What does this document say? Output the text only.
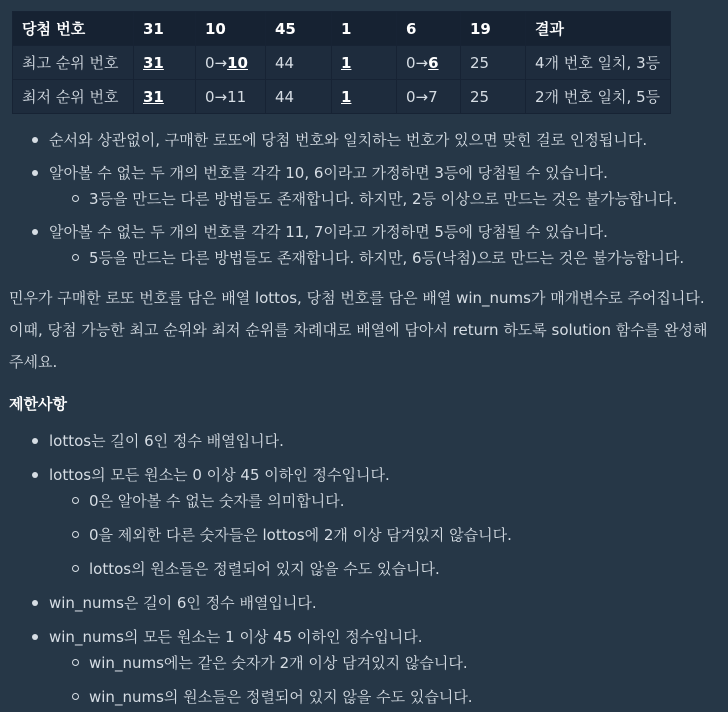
당첨 번호	31	10	45	1	6	19	결과
최고 순위 번호	31	0→10	44	1	0→6	25	4개 번호 일치, 3등
최저 순위 번호	31	0→11	44	1	0→7	25	2개 번호 일치, 5등
순서와 상관없이, 구매한 로또에 당첨 번호와 일치하는 번호가 있으면 맞힌 걸로 인정됩니다.
알아볼 수 없는 두 개의 번호를 각각 10, 6이라고 가정하면 3등에 당첨될 수 있습니다.
3등을 만드는 다른 방법들도 존재합니다. 하지만, 2등 이상으로 만드는 것은 불가능합니다.
알아볼 수 없는 두 개의 번호를 각각 11, 7이라고 가정하면 5등에 당첨될 수 있습니다.
5등을 만드는 다른 방법들도 존재합니다. 하지만, 6등(낙첨)으로 만드는 것은 불가능합니다.

민우가 구매한 로또 번호를 담은 배열 lottos, 당첨 번호를 담은 배열 win_nums가 매개변수로 주어집니다. 이때, 당첨 가능한 최고 순위와 최저 순위를 차례대로 배열에 담아서 return 하도록 solution 함수를 완성해주세요.

제한사항
lottos는 길이 6인 정수 배열입니다.
lottos의 모든 원소는 0 이상 45 이하인 정수입니다.
0은 알아볼 수 없는 숫자를 의미합니다.
0을 제외한 다른 숫자들은 lottos에 2개 이상 담겨있지 않습니다.
lottos의 원소들은 정렬되어 있지 않을 수도 있습니다.
win_nums은 길이 6인 정수 배열입니다.
win_nums의 모든 원소는 1 이상 45 이하인 정수입니다.
win_nums에는 같은 숫자가 2개 이상 담겨있지 않습니다.
win_nums의 원소들은 정렬되어 있지 않을 수도 있습니다.
